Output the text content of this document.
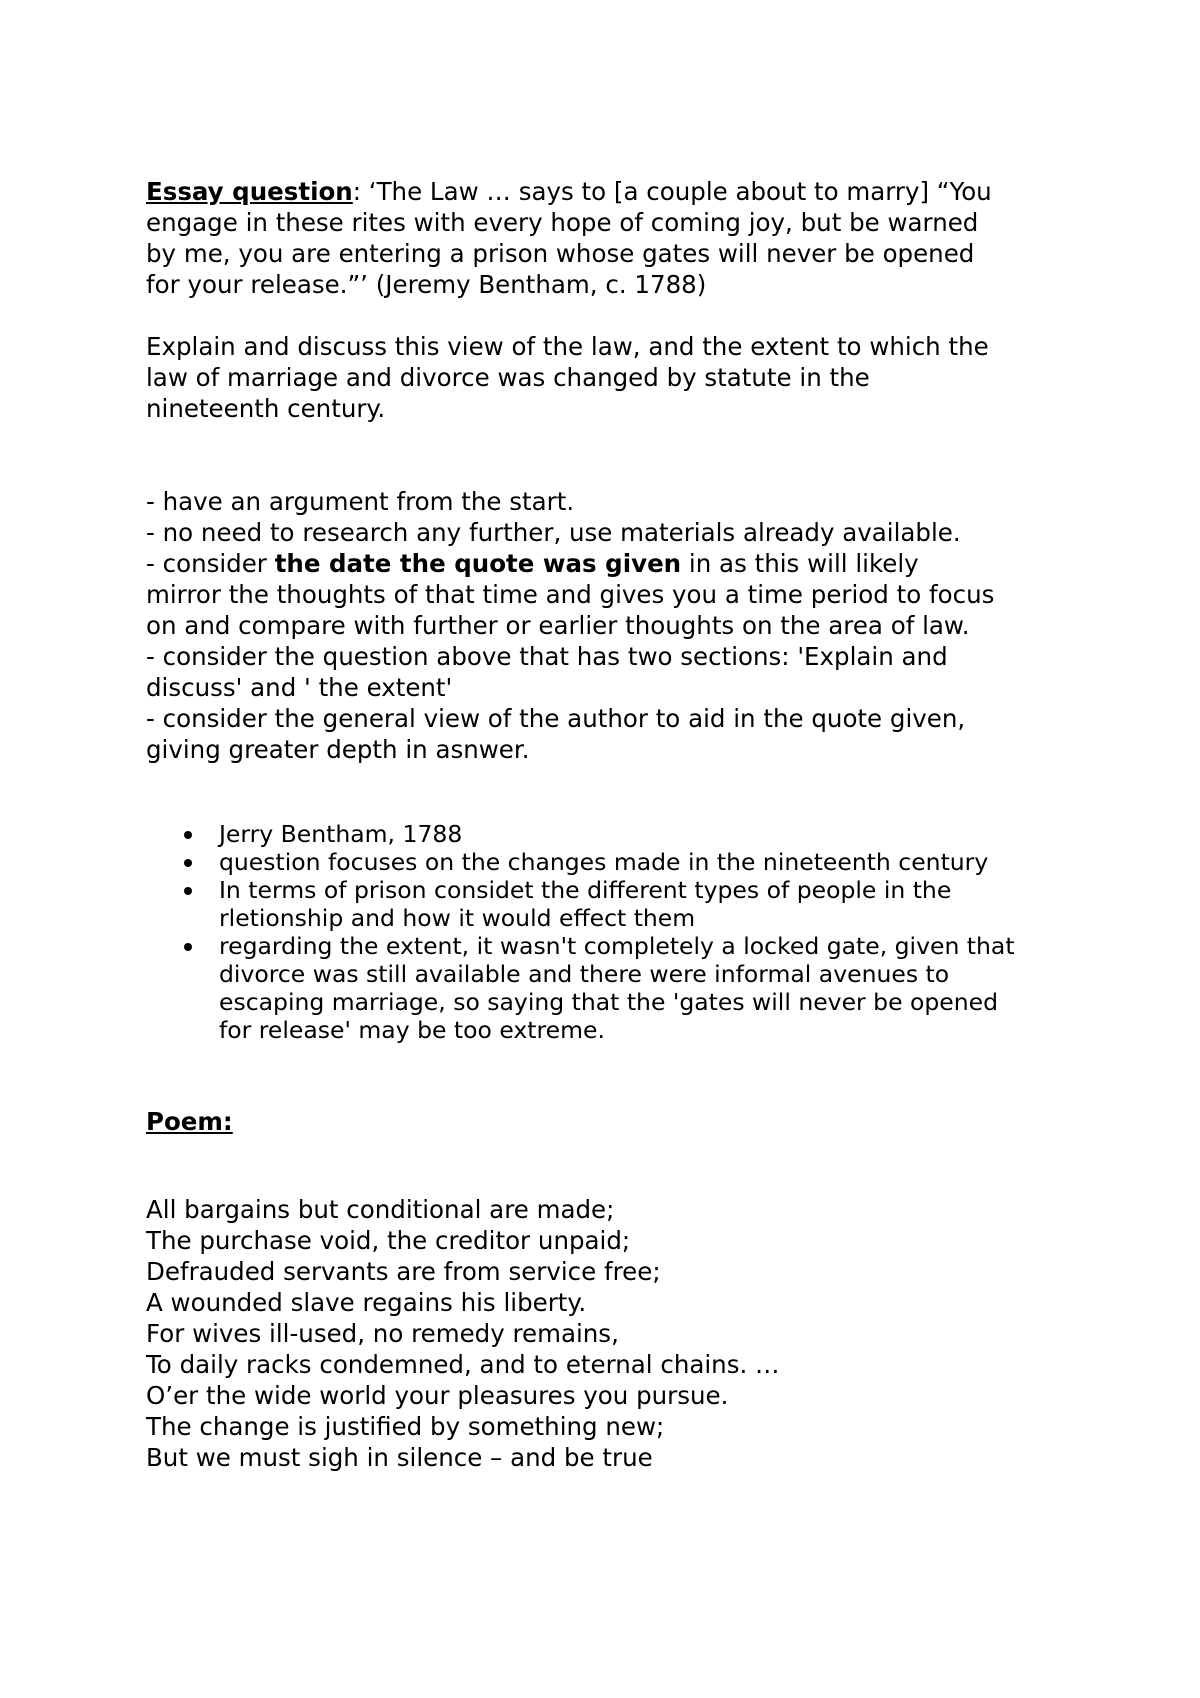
Essay question: ‘The Law … says to [a couple about to marry] “You
engage in these rites with every hope of coming joy, but be warned
by me, you are entering a prison whose gates will never be opened
for your release.”’ (Jeremy Bentham, c. 1788)
Explain and discuss this view of the law, and the extent to which the
law of marriage and divorce was changed by statute in the
nineteenth century.
- have an argument from the start.
- no need to research any further, use materials already available.
- consider the date the quote was given in as this will likely
mirror the thoughts of that time and gives you a time period to focus
on and compare with further or earlier thoughts on the area of law.
- consider the question above that has two sections: 'Explain and
discuss' and ' the extent'
- consider the general view of the author to aid in the quote given,
giving greater depth in asnwer.
Jerry Bentham, 1788
question focuses on the changes made in the nineteenth century
In terms of prison considet the different types of people in the
rletionship and how it would effect them
regarding the extent, it wasn't completely a locked gate, given that
divorce was still available and there were informal avenues to
escaping marriage, so saying that the 'gates will never be opened
for release' may be too extreme.
Poem:
All bargains but conditional are made;
The purchase void, the creditor unpaid;
Defrauded servants are from service free;
A wounded slave regains his liberty.
For wives ill-used, no remedy remains,
To daily racks condemned, and to eternal chains. …
O’er the wide world your pleasures you pursue.
The change is justified by something new;
But we must sigh in silence – and be true
